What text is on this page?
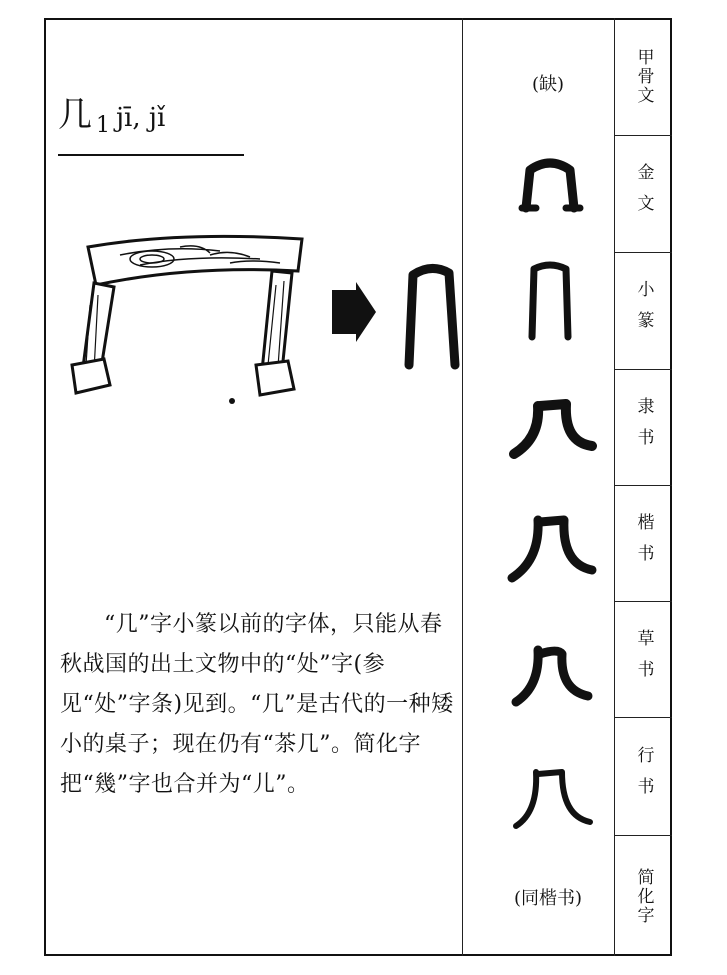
几 1 jī, jǐ
“几”字小篆以前的字体，只能从春秋战国的出土文物中的“处”字(参见“处”字条)见到。“几”是古代的一种矮小的桌子；现在仍有“茶几”。简化字把“幾”字也合并为“儿”。
(缺)
(同楷书)
甲骨文
金文
小篆
隶书
楷书
草书
行书
简化字
